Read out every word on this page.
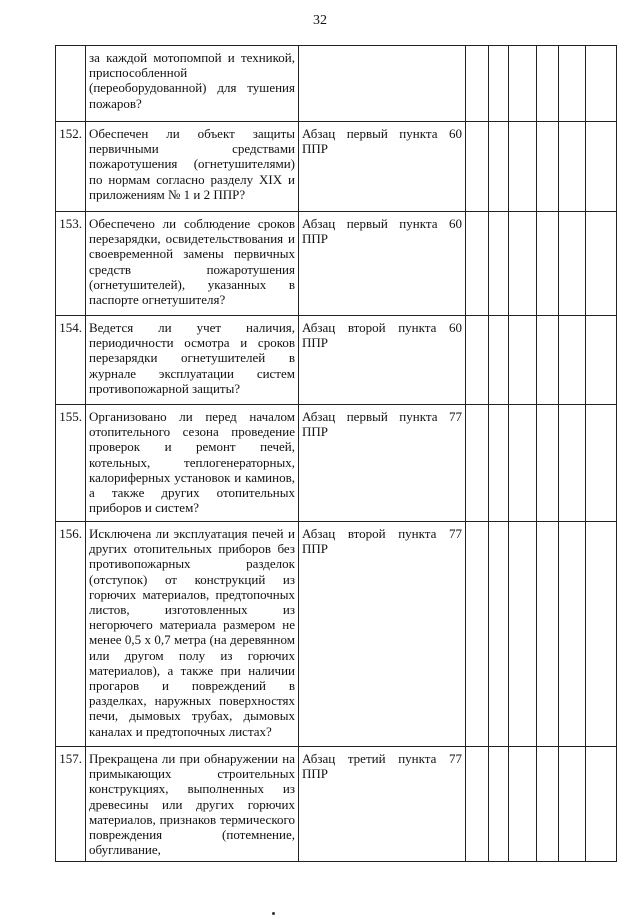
32
	за каждой мотопомпой и техникой, приспособленной (переоборудованной) для тушения пожаров?							
152.	Обеспечен ли объект защиты первичными средствами пожаротушения (огнетушителями) по нормам согласно разделу XIX и приложениям № 1 и 2 ППР?	Абзац первый пункта 60 ППР						
153.	Обеспечено ли соблюдение сроков перезарядки, освидетельствования и своевременной замены первичных средств пожаротушения (огнетушителей), указанных в паспорте огнетушителя?	Абзац первый пункта 60 ППР						
154.	Ведется ли учет наличия, периодичности осмотра и сроков перезарядки огнетушителей в журнале эксплуатации систем противопожарной защиты?	Абзац второй пункта 60 ППР						
155.	Организовано ли перед началом отопительного сезона проведение проверок и ремонт печей, котельных, теплогенераторных, калориферных установок и каминов, а также других отопительных приборов и систем?	Абзац первый пункта 77 ППР						
156.	Исключена ли эксплуатация печей и других отопительных приборов без противопожарных разделок (отступок) от конструкций из горючих материалов, предтопочных листов, изготовленных из негорючего материала размером не менее 0,5 x 0,7 метра (на деревянном или другом полу из горючих материалов), а также при наличии прогаров и повреждений в разделках, наружных поверхностях печи, дымовых трубах, дымовых каналах и предтопочных листах?	Абзац второй пункта 77 ППР						
157.	Прекращена ли при обнаружении на примыкающих строительных конструкциях, выполненных из древесины или других горючих материалов, признаков термического повреждения (потемнение, обугливание,	Абзац третий пункта 77 ППР						
